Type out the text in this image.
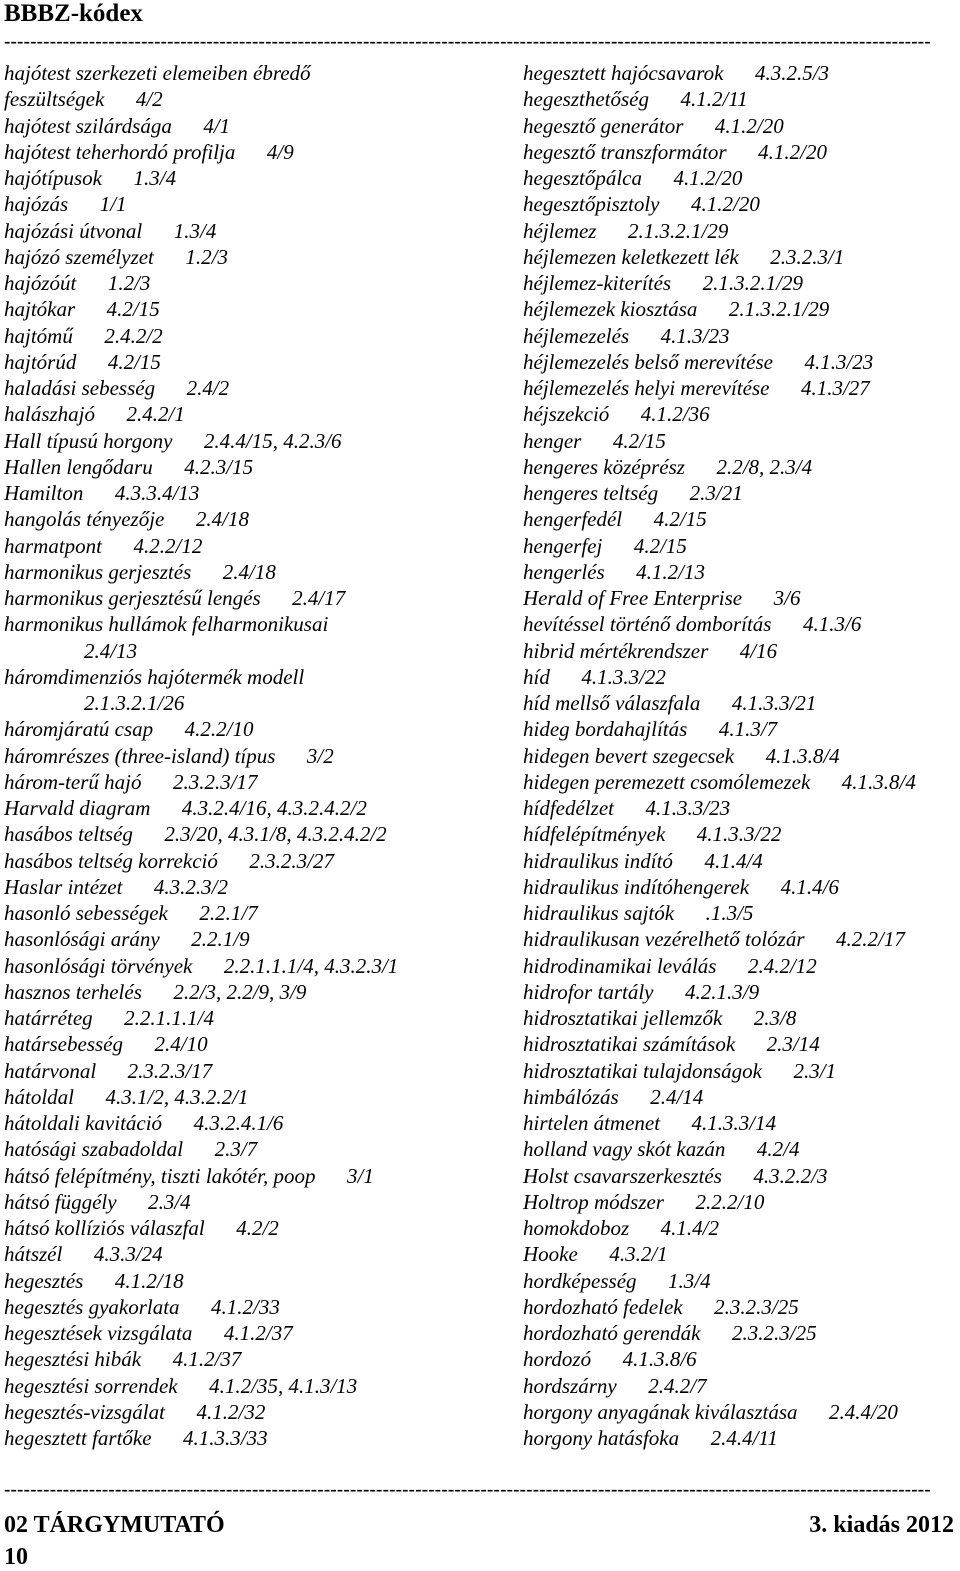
BBBZ-kódex
----------------------------------------------------------------------------------------------------------------------------------------------
hajótest szerkezeti elemeiben ébredő
feszültségek   4/2
hajótest szilárdsága   4/1
hajótest teherhordó profilja   4/9
hajótípusok   1.3/4
hajózás   1/1
hajózási útvonal   1.3/4
hajózó személyzet   1.2/3
hajózóút   1.2/3
hajtókar   4.2/15
hajtómű   2.4.2/2
hajtórúd   4.2/15
haladási sebesség   2.4/2
halászhajó   2.4.2/1
Hall típusú horgony   2.4.4/15, 4.2.3/6
Hallen lengődaru   4.2.3/15
Hamilton   4.3.3.4/13
hangolás tényezője   2.4/18
harmatpont   4.2.2/12
harmonikus gerjesztés   2.4/18
harmonikus gerjesztésű lengés   2.4/17
harmonikus hullámok felharmonikusai
2.4/13
háromdimenziós hajótermék modell
2.1.3.2.1/26
háromjáratú csap   4.2.2/10
háromrészes (three-island) típus   3/2
három-terű hajó   2.3.2.3/17
Harvald diagram   4.3.2.4/16, 4.3.2.4.2/2
hasábos teltség   2.3/20, 4.3.1/8, 4.3.2.4.2/2
hasábos teltség korrekció   2.3.2.3/27
Haslar intézet   4.3.2.3/2
hasonló sebességek   2.2.1/7
hasonlósági arány   2.2.1/9
hasonlósági törvények   2.2.1.1.1/4, 4.3.2.3/1
hasznos terhelés   2.2/3, 2.2/9, 3/9
határréteg   2.2.1.1.1/4
határsebesség   2.4/10
határvonal   2.3.2.3/17
hátoldal   4.3.1/2, 4.3.2.2/1
hátoldali kavitáció   4.3.2.4.1/6
hatósági szabadoldal   2.3/7
hátsó felépítmény, tiszti lakótér, poop   3/1
hátsó függély   2.3/4
hátsó kollíziós válaszfal   4.2/2
hátszél   4.3.3/24
hegesztés   4.1.2/18
hegesztés gyakorlata   4.1.2/33
hegesztések vizsgálata   4.1.2/37
hegesztési hibák   4.1.2/37
hegesztési sorrendek   4.1.2/35, 4.1.3/13
hegesztés-vizsgálat   4.1.2/32
hegesztett fartőke   4.1.3.3/33
hegesztett hajócsavarok   4.3.2.5/3
hegeszthetőség   4.1.2/11
hegesztő generátor   4.1.2/20
hegesztő transzformátor   4.1.2/20
hegesztőpálca   4.1.2/20
hegesztőpisztoly   4.1.2/20
héjlemez   2.1.3.2.1/29
héjlemezen keletkezett lék   2.3.2.3/1
héjlemez-kiterítés   2.1.3.2.1/29
héjlemezek kiosztása   2.1.3.2.1/29
héjlemezelés   4.1.3/23
héjlemezelés belső merevítése   4.1.3/23
héjlemezelés helyi merevítése   4.1.3/27
héjszekció   4.1.2/36
henger   4.2/15
hengeres középrész   2.2/8, 2.3/4
hengeres teltség   2.3/21
hengerfedél   4.2/15
hengerfej   4.2/15
hengerlés   4.1.2/13
Herald of Free Enterprise   3/6
hevítéssel történő domborítás   4.1.3/6
hibrid mértékrendszer   4/16
híd   4.1.3.3/22
híd mellső válaszfala   4.1.3.3/21
hideg bordahajlítás   4.1.3/7
hidegen bevert szegecsek   4.1.3.8/4
hidegen peremezett csomólemezek   4.1.3.8/4
hídfedélzet   4.1.3.3/23
hídfelépítmények   4.1.3.3/22
hidraulikus indító   4.1.4/4
hidraulikus indítóhengerek   4.1.4/6
hidraulikus sajtók   .1.3/5
hidraulikusan vezérelhető tolózár   4.2.2/17
hidrodinamikai leválás   2.4.2/12
hidrofor tartály   4.2.1.3/9
hidrosztatikai jellemzők   2.3/8
hidrosztatikai számítások   2.3/14
hidrosztatikai tulajdonságok   2.3/1
himbálózás   2.4/14
hirtelen átmenet   4.1.3.3/14
holland vagy skót kazán   4.2/4
Holst csavarszerkesztés   4.3.2.2/3
Holtrop módszer   2.2.2/10
homokdoboz   4.1.4/2
Hooke   4.3.2/1
hordképesség   1.3/4
hordozható fedelek   2.3.2.3/25
hordozható gerendák   2.3.2.3/25
hordozó   4.1.3.8/6
hordszárny   2.4.2/7
horgony anyagának kiválasztása   2.4.4/20
horgony hatásfoka   2.4.4/11
----------------------------------------------------------------------------------------------------------------------------------------------
02 TÁRGYMUTATÓ	3. kiadás 2012
10
